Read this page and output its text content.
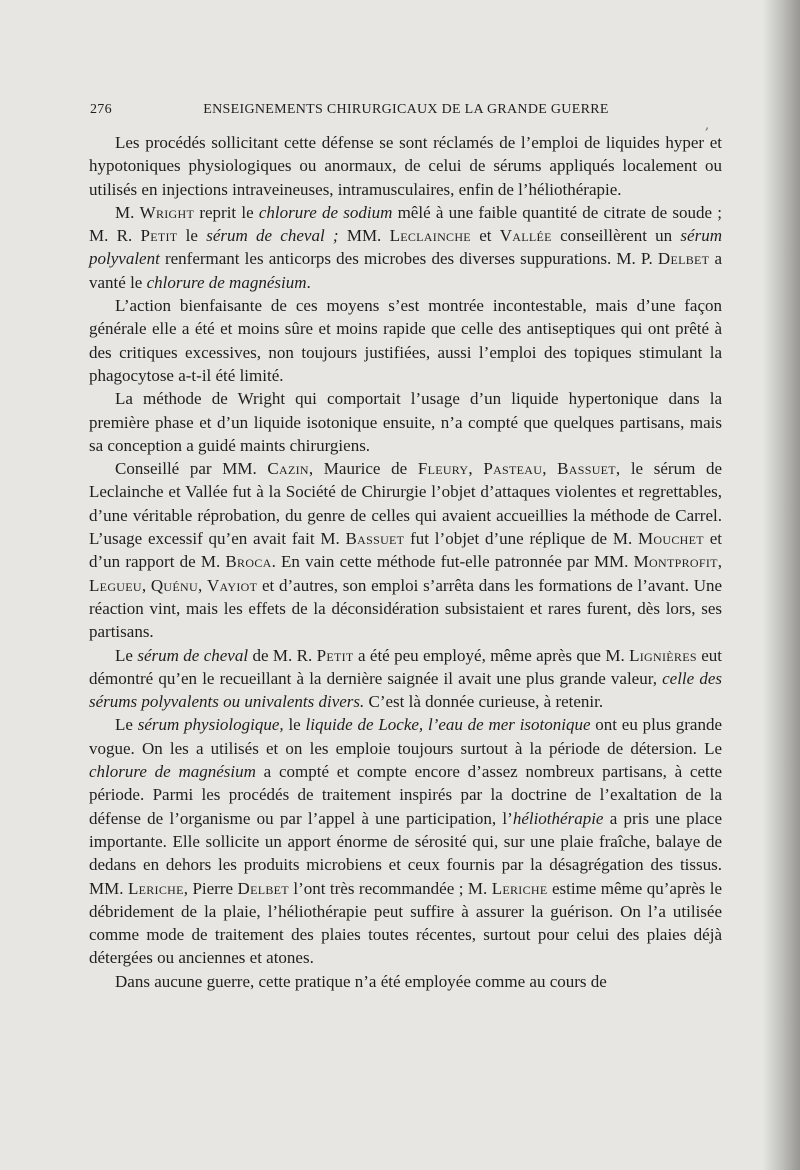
276	ENSEIGNEMENTS CHIRURGICAUX DE LA GRANDE GUERRE
,

Les procédés sollicitant cette défense se sont réclamés de l’emploi de liquides hyper et hypotoniques physiologiques ou anormaux, de celui de sérums appliqués localement ou utilisés en injections intraveineuses, intramusculaires, enfin de l’héliothérapie.

M. Wright reprit le chlorure de sodium mêlé à une faible quantité de citrate de soude ; M. R. Petit le sérum de cheval ; MM. Leclainche et Vallée conseillèrent un sérum polyvalent renfermant les anticorps des microbes des diverses suppurations. M. P. Delbet a vanté le chlorure de magnésium.

L’action bienfaisante de ces moyens s’est montrée incontestable, mais d’une façon générale elle a été et moins sûre et moins rapide que celle des antiseptiques qui ont prêté à des critiques excessives, non toujours justifiées, aussi l’emploi des topiques stimulant la phagocytose a-t-il été limité.

La méthode de Wright qui comportait l’usage d’un liquide hypertonique dans la première phase et d’un liquide isotonique ensuite, n’a compté que quelques partisans, mais sa conception a guidé maints chirurgiens.

Conseillé par MM. Cazin, Maurice de Fleury, Pasteau, Bassuet, le sérum de Leclainche et Vallée fut à la Société de Chirurgie l’objet d’attaques violentes et regrettables, d’une véritable réprobation, du genre de celles qui avaient accueillies la méthode de Carrel. L’usage excessif qu’en avait fait M. Bassuet fut l’objet d’une réplique de M. Mouchet et d’un rapport de M. Broca. En vain cette méthode fut-elle patronnée par MM. Montprofit, Legueu, Quénu, Vayiot et d’autres, son emploi s’arrêta dans les formations de l’avant. Une réaction vint, mais les effets de la déconsidération subsistaient et rares furent, dès lors, ses partisans.

Le sérum de cheval de M. R. Petit a été peu employé, même après que M. Lignières eut démontré qu’en le recueillant à la dernière saignée il avait une plus grande valeur, celle des sérums polyvalents ou univalents divers. C’est là donnée curieuse, à retenir.

Le sérum physiologique, le liquide de Locke, l’eau de mer isotonique ont eu plus grande vogue. On les a utilisés et on les emploie toujours surtout à la période de détersion. Le chlorure de magnésium a compté et compte encore d’assez nombreux partisans, à cette période. Parmi les procédés de traitement inspirés par la doctrine de l’exaltation de la défense de l’organisme ou par l’appel à une participation, l’héliothérapie a pris une place importante. Elle sollicite un apport énorme de sérosité qui, sur une plaie fraîche, balaye de dedans en dehors les produits microbiens et ceux fournis par la désagrégation des tissus. MM. Leriche, Pierre Delbet l’ont très recommandée ; M. Leriche estime même qu’après le débridement de la plaie, l’héliothérapie peut suffire à assurer la guérison. On l’a utilisée comme mode de traitement des plaies toutes récentes, surtout pour celui des plaies déjà détergées ou anciennes et atones.

Dans aucune guerre, cette pratique n’a été employée comme au cours de
